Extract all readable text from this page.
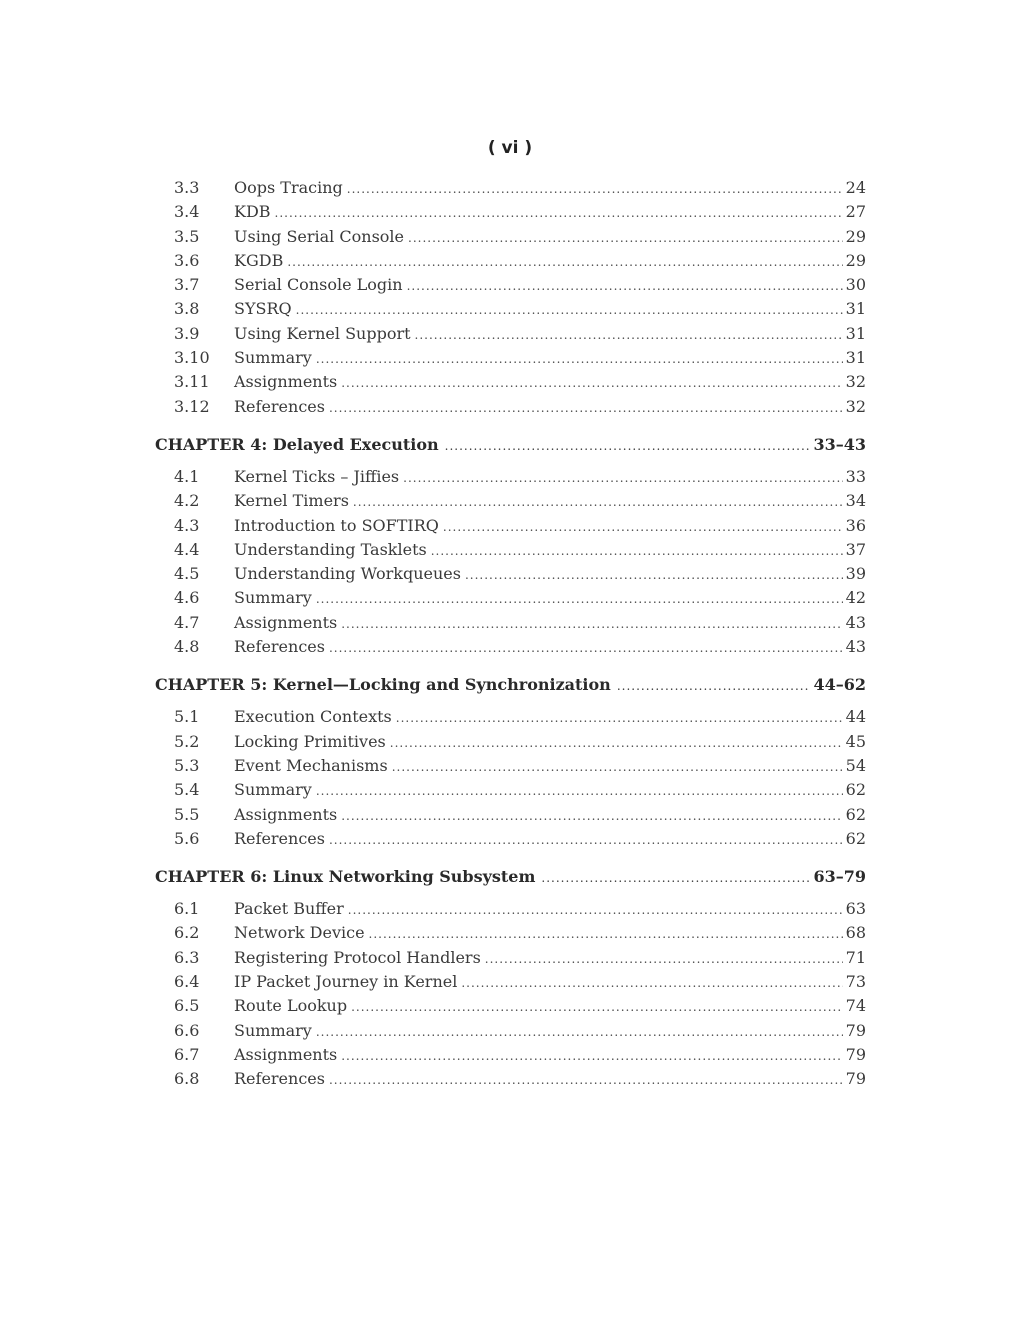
( vi )
3.3	Oops Tracing .....	24
3.4	KDB .....	27
3.5	Using Serial Console .....	29
3.6	KGDB .....	29
3.7	Serial Console Login .....	30
3.8	SYSRQ .....	31
3.9	Using Kernel Support .....	31
3.10	Summary .....	31
3.11	Assignments .....	32
3.12	References .....	32
CHAPTER 4: Delayed Execution .....	33–43
4.1	Kernel Ticks – Jiffies .....	33
4.2	Kernel Timers .....	34
4.3	Introduction to SOFTIRQ .....	36
4.4	Understanding Tasklets .....	37
4.5	Understanding Workqueues .....	39
4.6	Summary .....	42
4.7	Assignments .....	43
4.8	References .....	43
CHAPTER 5: Kernel—Locking and Synchronization .....	44–62
5.1	Execution Contexts .....	44
5.2	Locking Primitives .....	45
5.3	Event Mechanisms .....	54
5.4	Summary .....	62
5.5	Assignments .....	62
5.6	References .....	62
CHAPTER 6: Linux Networking Subsystem .....	63–79
6.1	Packet Buffer .....	63
6.2	Network Device .....	68
6.3	Registering Protocol Handlers .....	71
6.4	IP Packet Journey in Kernel .....	73
6.5	Route Lookup .....	74
6.6	Summary .....	79
6.7	Assignments .....	79
6.8	References .....	79
